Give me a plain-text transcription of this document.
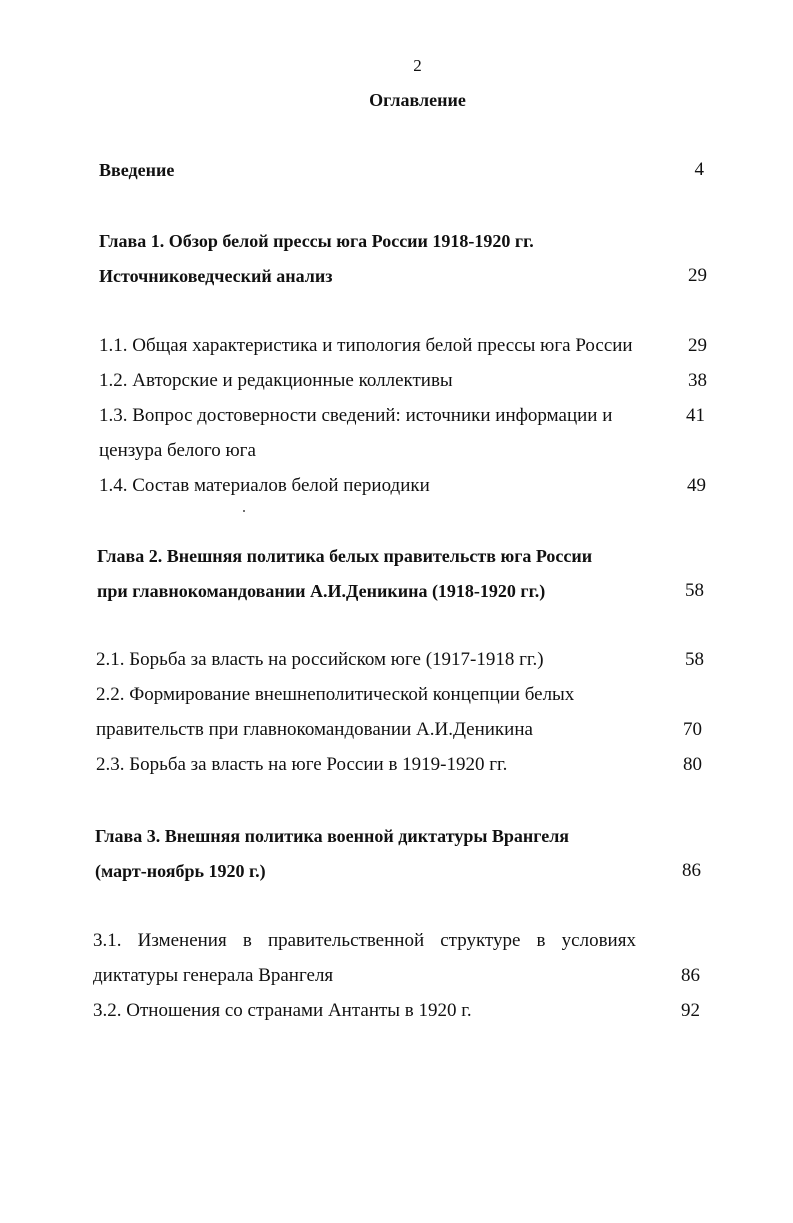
2
Оглавление
Введение	4
Глава 1. Обзор белой прессы юга России 1918-1920 гг.
Источниковедческий анализ	29
1.1. Общая характеристика и типология белой прессы юга России	29
1.2. Авторские и редакционные коллективы	38
1.3. Вопрос достоверности сведений: источники информации и	41
цензура белого юга
1.4. Состав материалов белой периодики	49
Глава 2. Внешняя политика белых правительств юга России
при главнокомандовании А.И.Деникина (1918-1920 гг.)	58
2.1. Борьба за власть на российском юге (1917-1918 гг.)	58
2.2. Формирование внешнеполитической концепции белых
правительств при главнокомандовании А.И.Деникина	70
2.3. Борьба за власть на юге России в 1919-1920 гг.	80
Глава 3. Внешняя политика военной диктатуры Врангеля
(март-ноябрь 1920 г.)	86
3.1. Изменения в правительственной структуре в условиях
диктатуры генерала Врангеля	86
3.2. Отношения со странами Антанты в 1920 г.	92
